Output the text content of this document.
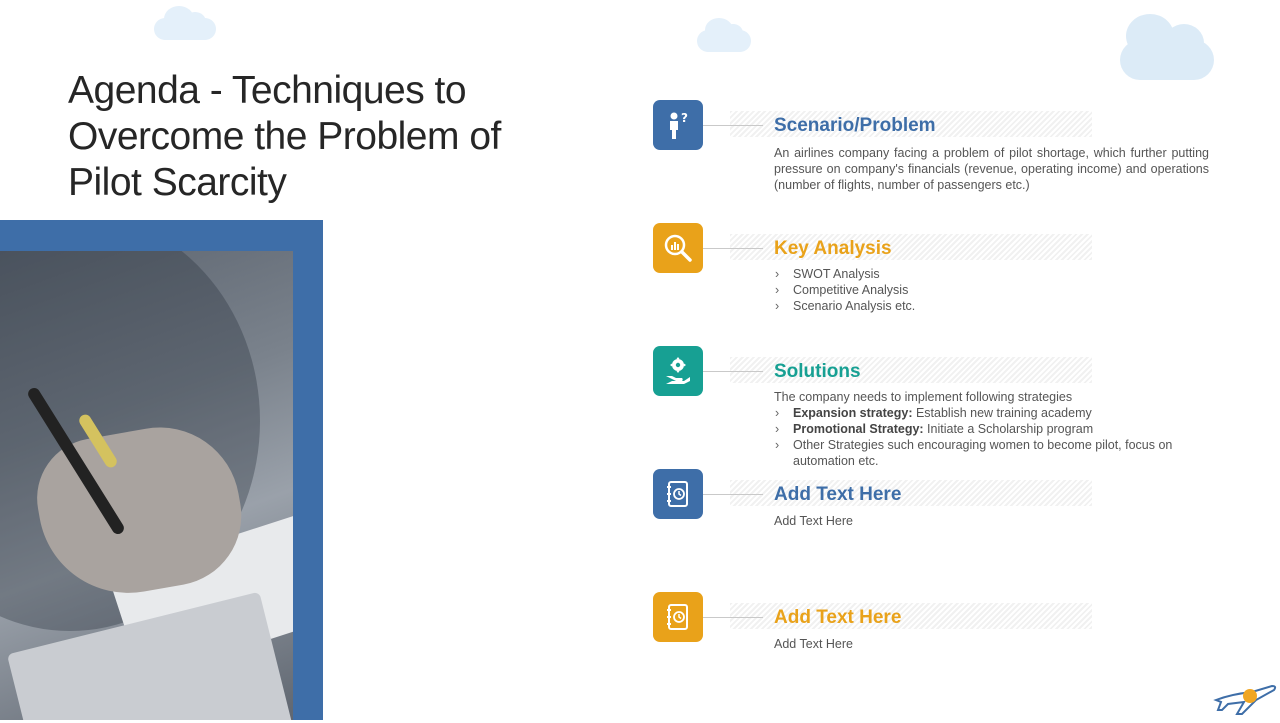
Agenda - Techniques to Overcome the Problem of Pilot Scarcity
?	Scenario/Problem

An airlines company facing a problem of pilot shortage, which further putting pressure on company's financials (revenue, operating income) and operations (number of flights, number of passengers etc.)

Key Analysis
› SWOT Analysis
› Competitive Analysis
› Scenario Analysis etc.
Solutions
The company needs to implement following strategies
› Expansion strategy: Establish new training academy
› Promotional Strategy: Initiate a Scholarship program
› Other Strategies such encouraging women to become pilot, focus on automation etc.
Add Text Here

Add Text Here

Add Text Here

Add Text Here
